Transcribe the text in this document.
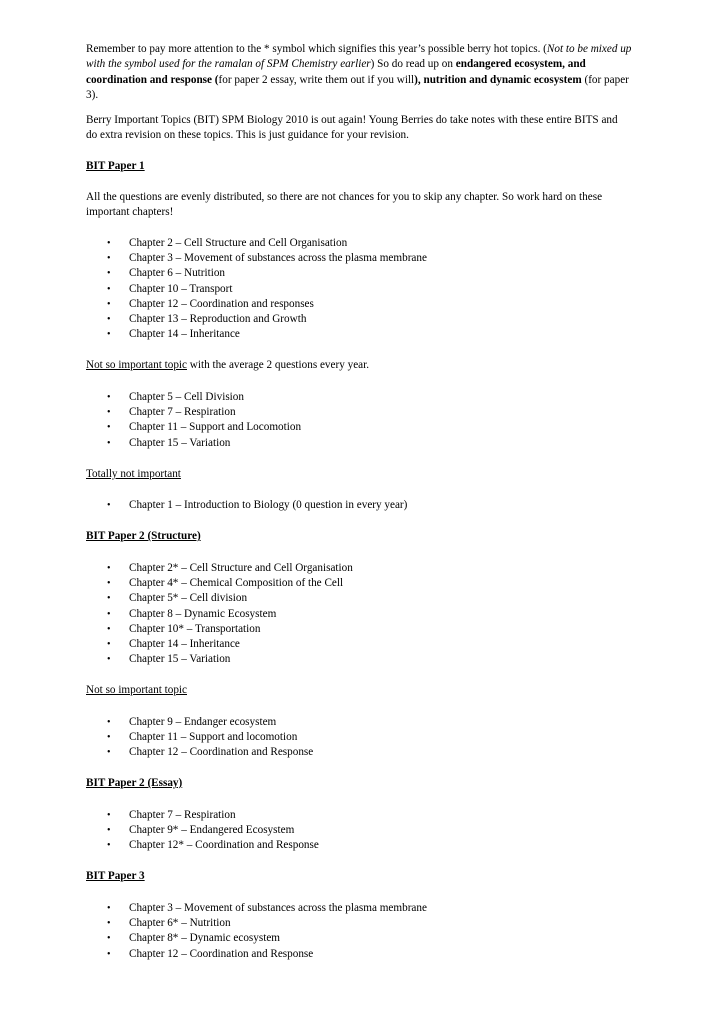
Remember to pay more attention to the * symbol which signifies this year’s possible berry hot topics. (Not to be mixed up with the symbol used for the ramalan of SPM Chemistry earlier) So do read up on endangered ecosystem, and coordination and response (for paper 2 essay, write them out if you will), nutrition and dynamic ecosystem (for paper 3).

Berry Important Topics (BIT) SPM Biology 2010 is out again! Young Berries do take notes with these entire BITS and do extra revision on these topics. This is just guidance for your revision.

BIT Paper 1

All the questions are evenly distributed, so there are not chances for you to skip any chapter. So work hard on these important chapters!

• Chapter 2 – Cell Structure and Cell Organisation
• Chapter 3 – Movement of substances across the plasma membrane
• Chapter 6 – Nutrition
• Chapter 10 – Transport
• Chapter 12 – Coordination and responses
• Chapter 13 – Reproduction and Growth
• Chapter 14 – Inheritance

Not so important topic with the average 2 questions every year.

• Chapter 5 – Cell Division
• Chapter 7 – Respiration
• Chapter 11 – Support and Locomotion
• Chapter 15 – Variation

Totally not important

• Chapter 1 – Introduction to Biology (0 question in every year)

BIT Paper 2 (Structure)

• Chapter 2* – Cell Structure and Cell Organisation
• Chapter 4* – Chemical Composition of the Cell
• Chapter 5* – Cell division
• Chapter 8 – Dynamic Ecosystem
• Chapter 10* – Transportation
• Chapter 14 – Inheritance
• Chapter 15 – Variation

Not so important topic

• Chapter 9 – Endanger ecosystem
• Chapter 11 – Support and locomotion
• Chapter 12 – Coordination and Response

BIT Paper 2 (Essay)

• Chapter 7 – Respiration
• Chapter 9* – Endangered Ecosystem
• Chapter 12* – Coordination and Response

BIT Paper 3

• Chapter 3 – Movement of substances across the plasma membrane
• Chapter 6* – Nutrition
• Chapter 8* – Dynamic ecosystem
• Chapter 12 – Coordination and Response
